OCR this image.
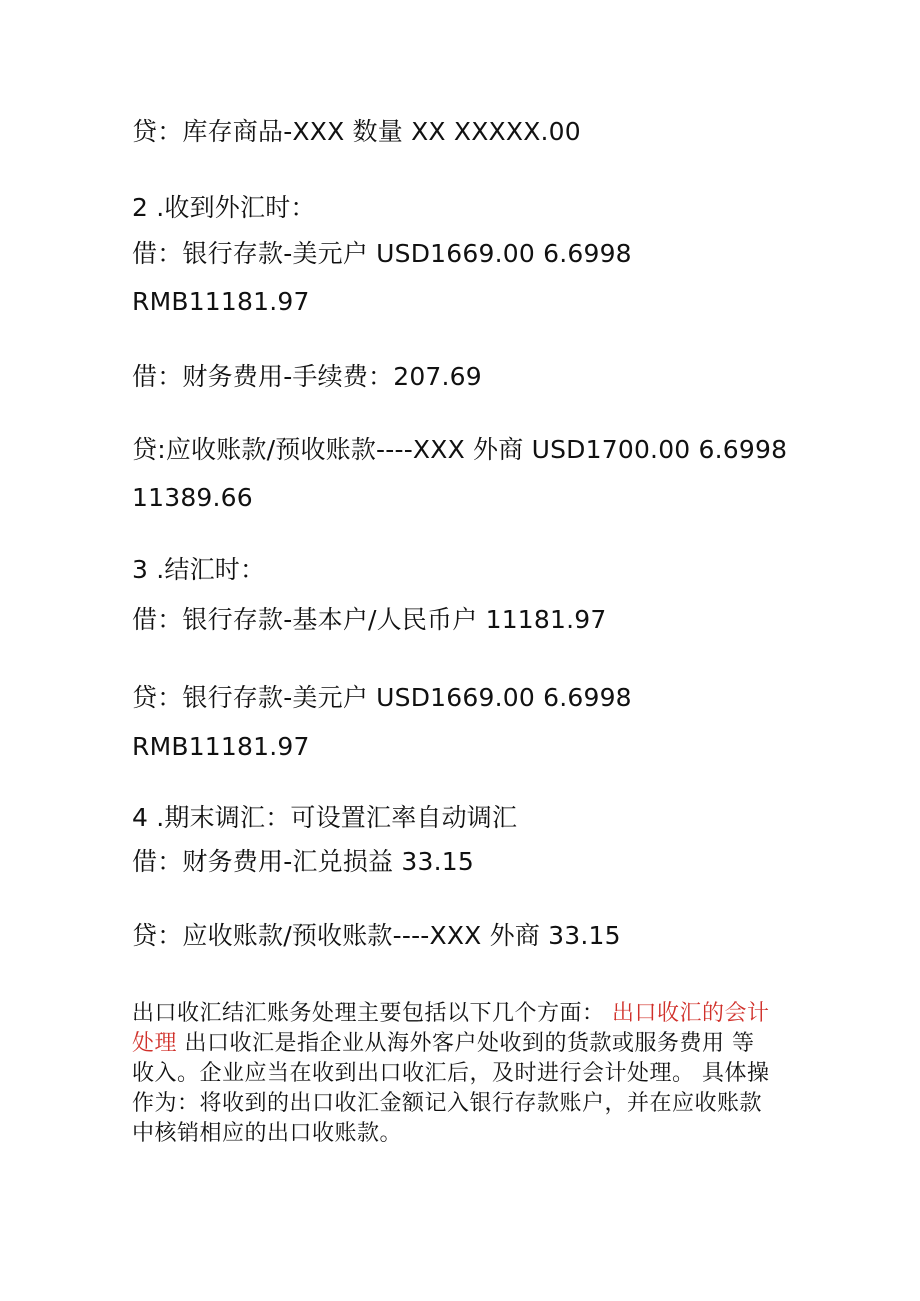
贷：库存商品-XXX 数量 XX XXXXX.00
2 .收到外汇时：
借：银行存款-美元户 USD1669.00 6.6998
RMB11181.97
借：财务费用-手续费：207.69
贷:应收账款/预收账款----XXX 外商 USD1700.00 6.6998
11389.66
3 .结汇时：
借：银行存款-基本户/人民币户 11181.97
贷：银行存款-美元户 USD1669.00 6.6998
RMB11181.97
4 .期末调汇：可设置汇率自动调汇
借：财务费用-汇兑损益 33.15
贷：应收账款/预收账款----XXX 外商 33.15
出口收汇结汇账务处理主要包括以下几个方面： 出口收汇的会计
处理 出口收汇是指企业从海外客户处收到的货款或服务费用 等
收入。企业应当在收到出口收汇后，及时进行会计处理。 具体操
作为：将收到的出口收汇金额记入银行存款账户，并在应收账款
中核销相应的出口收账款。
